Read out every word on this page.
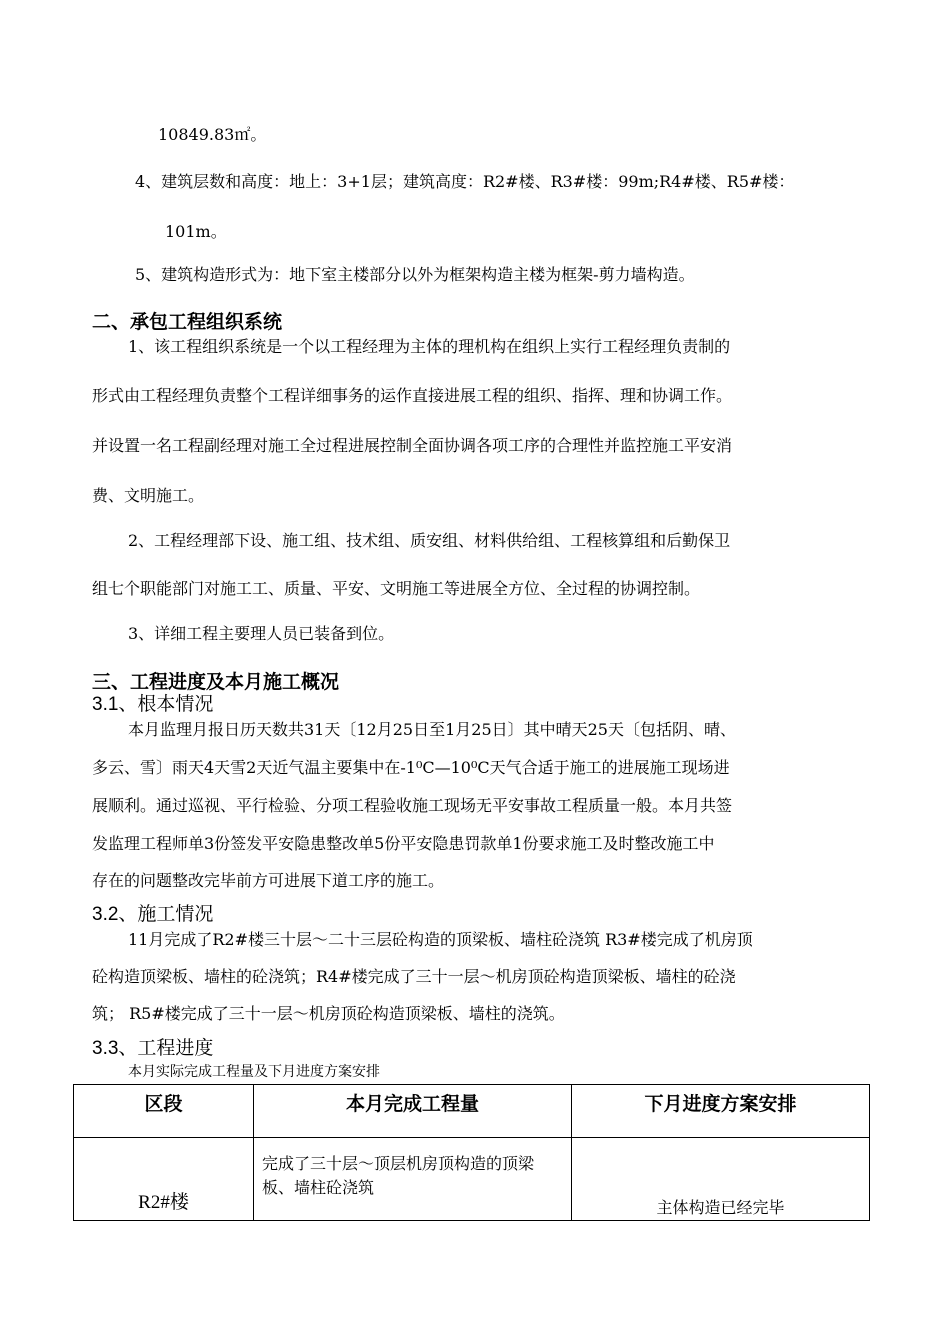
10849.83㎡。
4、建筑层数和高度：地上：3+1层；建筑高度：R2#楼、R3#楼：99m;R4#楼、R5#楼：
101m。
5、建筑构造形式为：地下室主楼部分以外为框架构造主楼为框架-剪力墙构造。
二、承包工程组织系统
1、该工程组织系统是一个以工程经理为主体的理机构在组织上实行工程经理负责制的
形式由工程经理负责整个工程详细事务的运作直接进展工程的组织、指挥、理和协调工作。
并设置一名工程副经理对施工全过程进展控制全面协调各项工序的合理性并监控施工平安消
费、文明施工。
2、工程经理部下设、施工组、技术组、质安组、材料供给组、工程核算组和后勤保卫
组七个职能部门对施工工、质量、平安、文明施工等进展全方位、全过程的协调控制。
3、详细工程主要理人员已装备到位。
三、工程进度及本月施工概况
3.1、根本情况
本月监理月报日历天数共31天〔12月25日至1月25日〕其中晴天25天〔包括阴、晴、
多云、雪〕雨天4天雪2天近气温主要集中在-1⁰C—10⁰C天气合适于施工的进展施工现场进
展顺利。通过巡视、平行检验、分项工程验收施工现场无平安事故工程质量一般。本月共签
发监理工程师单3份签发平安隐患整改单5份平安隐患罚款单1份要求施工及时整改施工中
存在的问题整改完毕前方可进展下道工序的施工。
3.2、施工情况
11月完成了R2#楼三十层～二十三层砼构造的顶梁板、墙柱砼浇筑 R3#楼完成了机房顶
砼构造顶梁板、墙柱的砼浇筑；R4#楼完成了三十一层～机房顶砼构造顶梁板、墙柱的砼浇
筑； R5#楼完成了三十一层～机房顶砼构造顶梁板、墙柱的浇筑。
3.3、工程进度
本月实际完成工程量及下月进度方案安排
区段	本月完成工程量	下月进度方案安排
R2#楼	完成了三十层～顶层机房顶构造的顶梁板、墙柱砼浇筑	主体构造已经完毕
